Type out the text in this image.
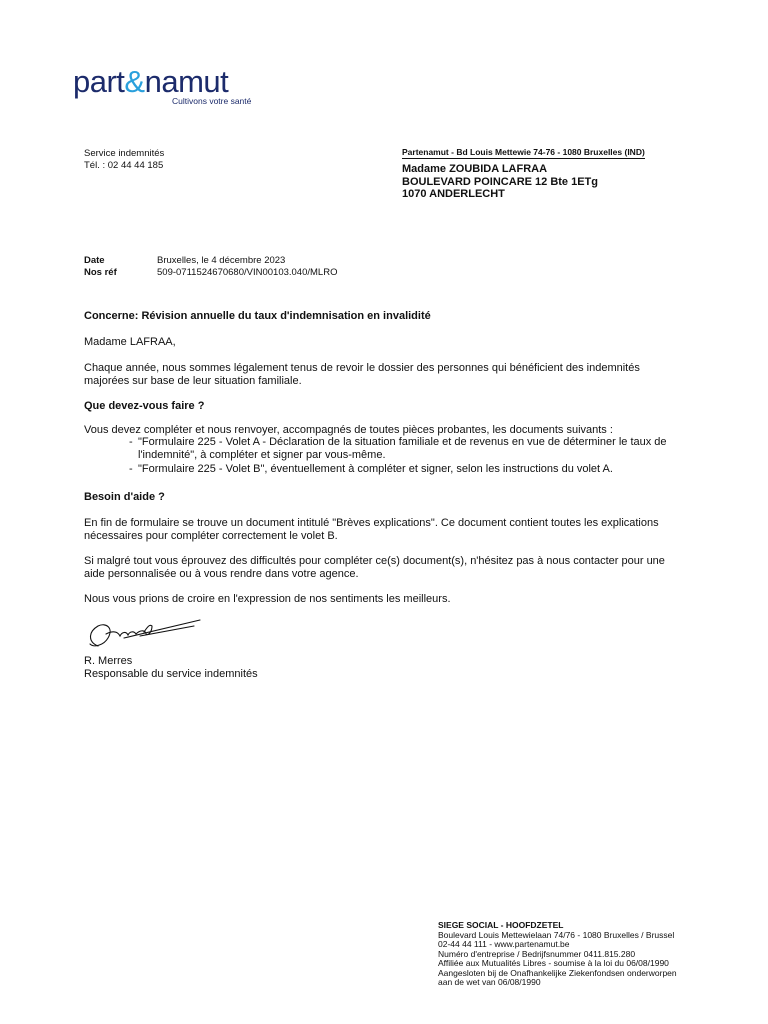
part&namut
Cultivons votre santé
Service indemnités
Tél. : 02 44 44 185
Partenamut - Bd Louis Mettewie 74-76 - 1080 Bruxelles (IND)
Madame ZOUBIDA LAFRAA
BOULEVARD POINCARE 12 Bte 1ETg
1070 ANDERLECHT
Date	Bruxelles, le 4 décembre 2023
Nos réf	509-0711524670680/VIN00103.040/MLRO
Concerne: Révision annuelle du taux d'indemnisation en invalidité
Madame LAFRAA,
Chaque année, nous sommes légalement tenus de revoir le dossier des personnes qui bénéficient des indemnités
majorées sur base de leur situation familiale.
Que devez-vous faire ?
Vous devez compléter et nous renvoyer, accompagnés de toutes pièces probantes, les documents suivants :
- "Formulaire 225 - Volet A - Déclaration de la situation familiale et de revenus en vue de déterminer le taux de
l'indemnité", à compléter et signer par vous-même.
- "Formulaire 225 - Volet B", éventuellement à compléter et signer, selon les instructions du volet A.
Besoin d'aide ?
En fin de formulaire se trouve un document intitulé "Brèves explications". Ce document contient toutes les explications
nécessaires pour compléter correctement le volet B.
Si malgré tout vous éprouvez des difficultés pour compléter ce(s) document(s), n'hésitez pas à nous contacter pour une
aide personnalisée ou à vous rendre dans votre agence.
Nous vous prions de croire en l'expression de nos sentiments les meilleurs.
R. Merres
Responsable du service indemnités
SIEGE SOCIAL - HOOFDZETEL
Boulevard Louis Mettewielaan 74/76 - 1080 Bruxelles / Brussel
02-44 44 111 - www.partenamut.be
Numéro d'entreprise / Bedrijfsnummer 0411.815.280
Affiliée aux Mutualités Libres - soumise à la loi du 06/08/1990
Aangesloten bij de Onafhankelijke Ziekenfondsen onderworpen
aan de wet van 06/08/1990
